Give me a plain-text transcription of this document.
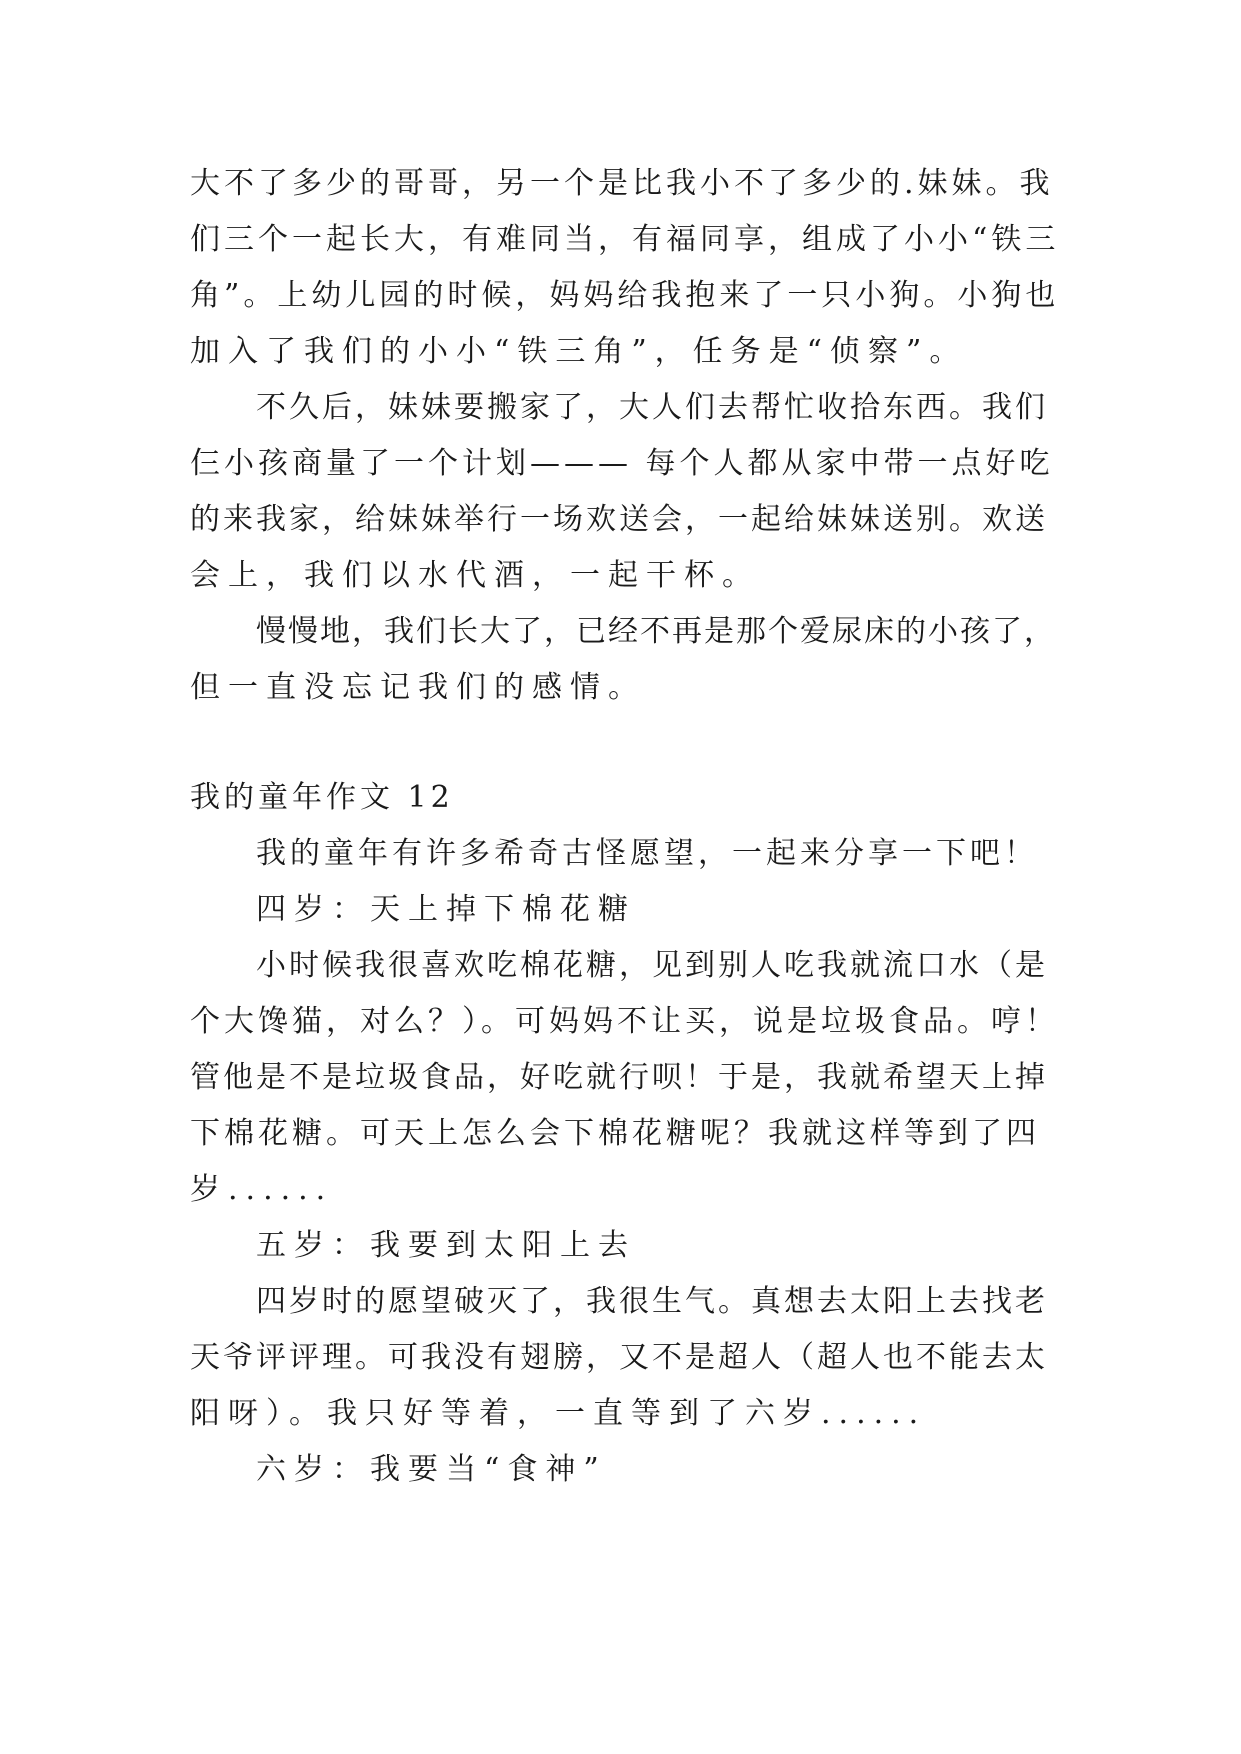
大不了多少的哥哥，另一个是比我小不了多少的.妹妹。我
们三个一起长大，有难同当，有福同享，组成了小小“铁三
角”。上幼儿园的时候，妈妈给我抱来了一只小狗。小狗也
加入了我们的小小“铁三角”，任务是“侦察”。
不久后，妹妹要搬家了，大人们去帮忙收拾东西。我们
仨小孩商量了一个计划——— 每个人都从家中带一点好吃
的来我家，给妹妹举行一场欢送会，一起给妹妹送别。欢送
会上，我们以水代酒，一起干杯。
慢慢地，我们长大了，已经不再是那个爱尿床的小孩了，
但一直没忘记我们的感情。
我的童年作文 12
我的童年有许多希奇古怪愿望，一起来分享一下吧！
四岁：天上掉下棉花糖
小时候我很喜欢吃棉花糖，见到别人吃我就流口水（是
个大馋猫，对么？）。可妈妈不让买，说是垃圾食品。哼！
管他是不是垃圾食品，好吃就行呗！于是，我就希望天上掉
下棉花糖。可天上怎么会下棉花糖呢？我就这样等到了四
岁......
五岁：我要到太阳上去
四岁时的愿望破灭了，我很生气。真想去太阳上去找老
天爷评评理。可我没有翅膀，又不是超人（超人也不能去太
阳呀）。我只好等着，一直等到了六岁......
六岁：我要当“食神”
